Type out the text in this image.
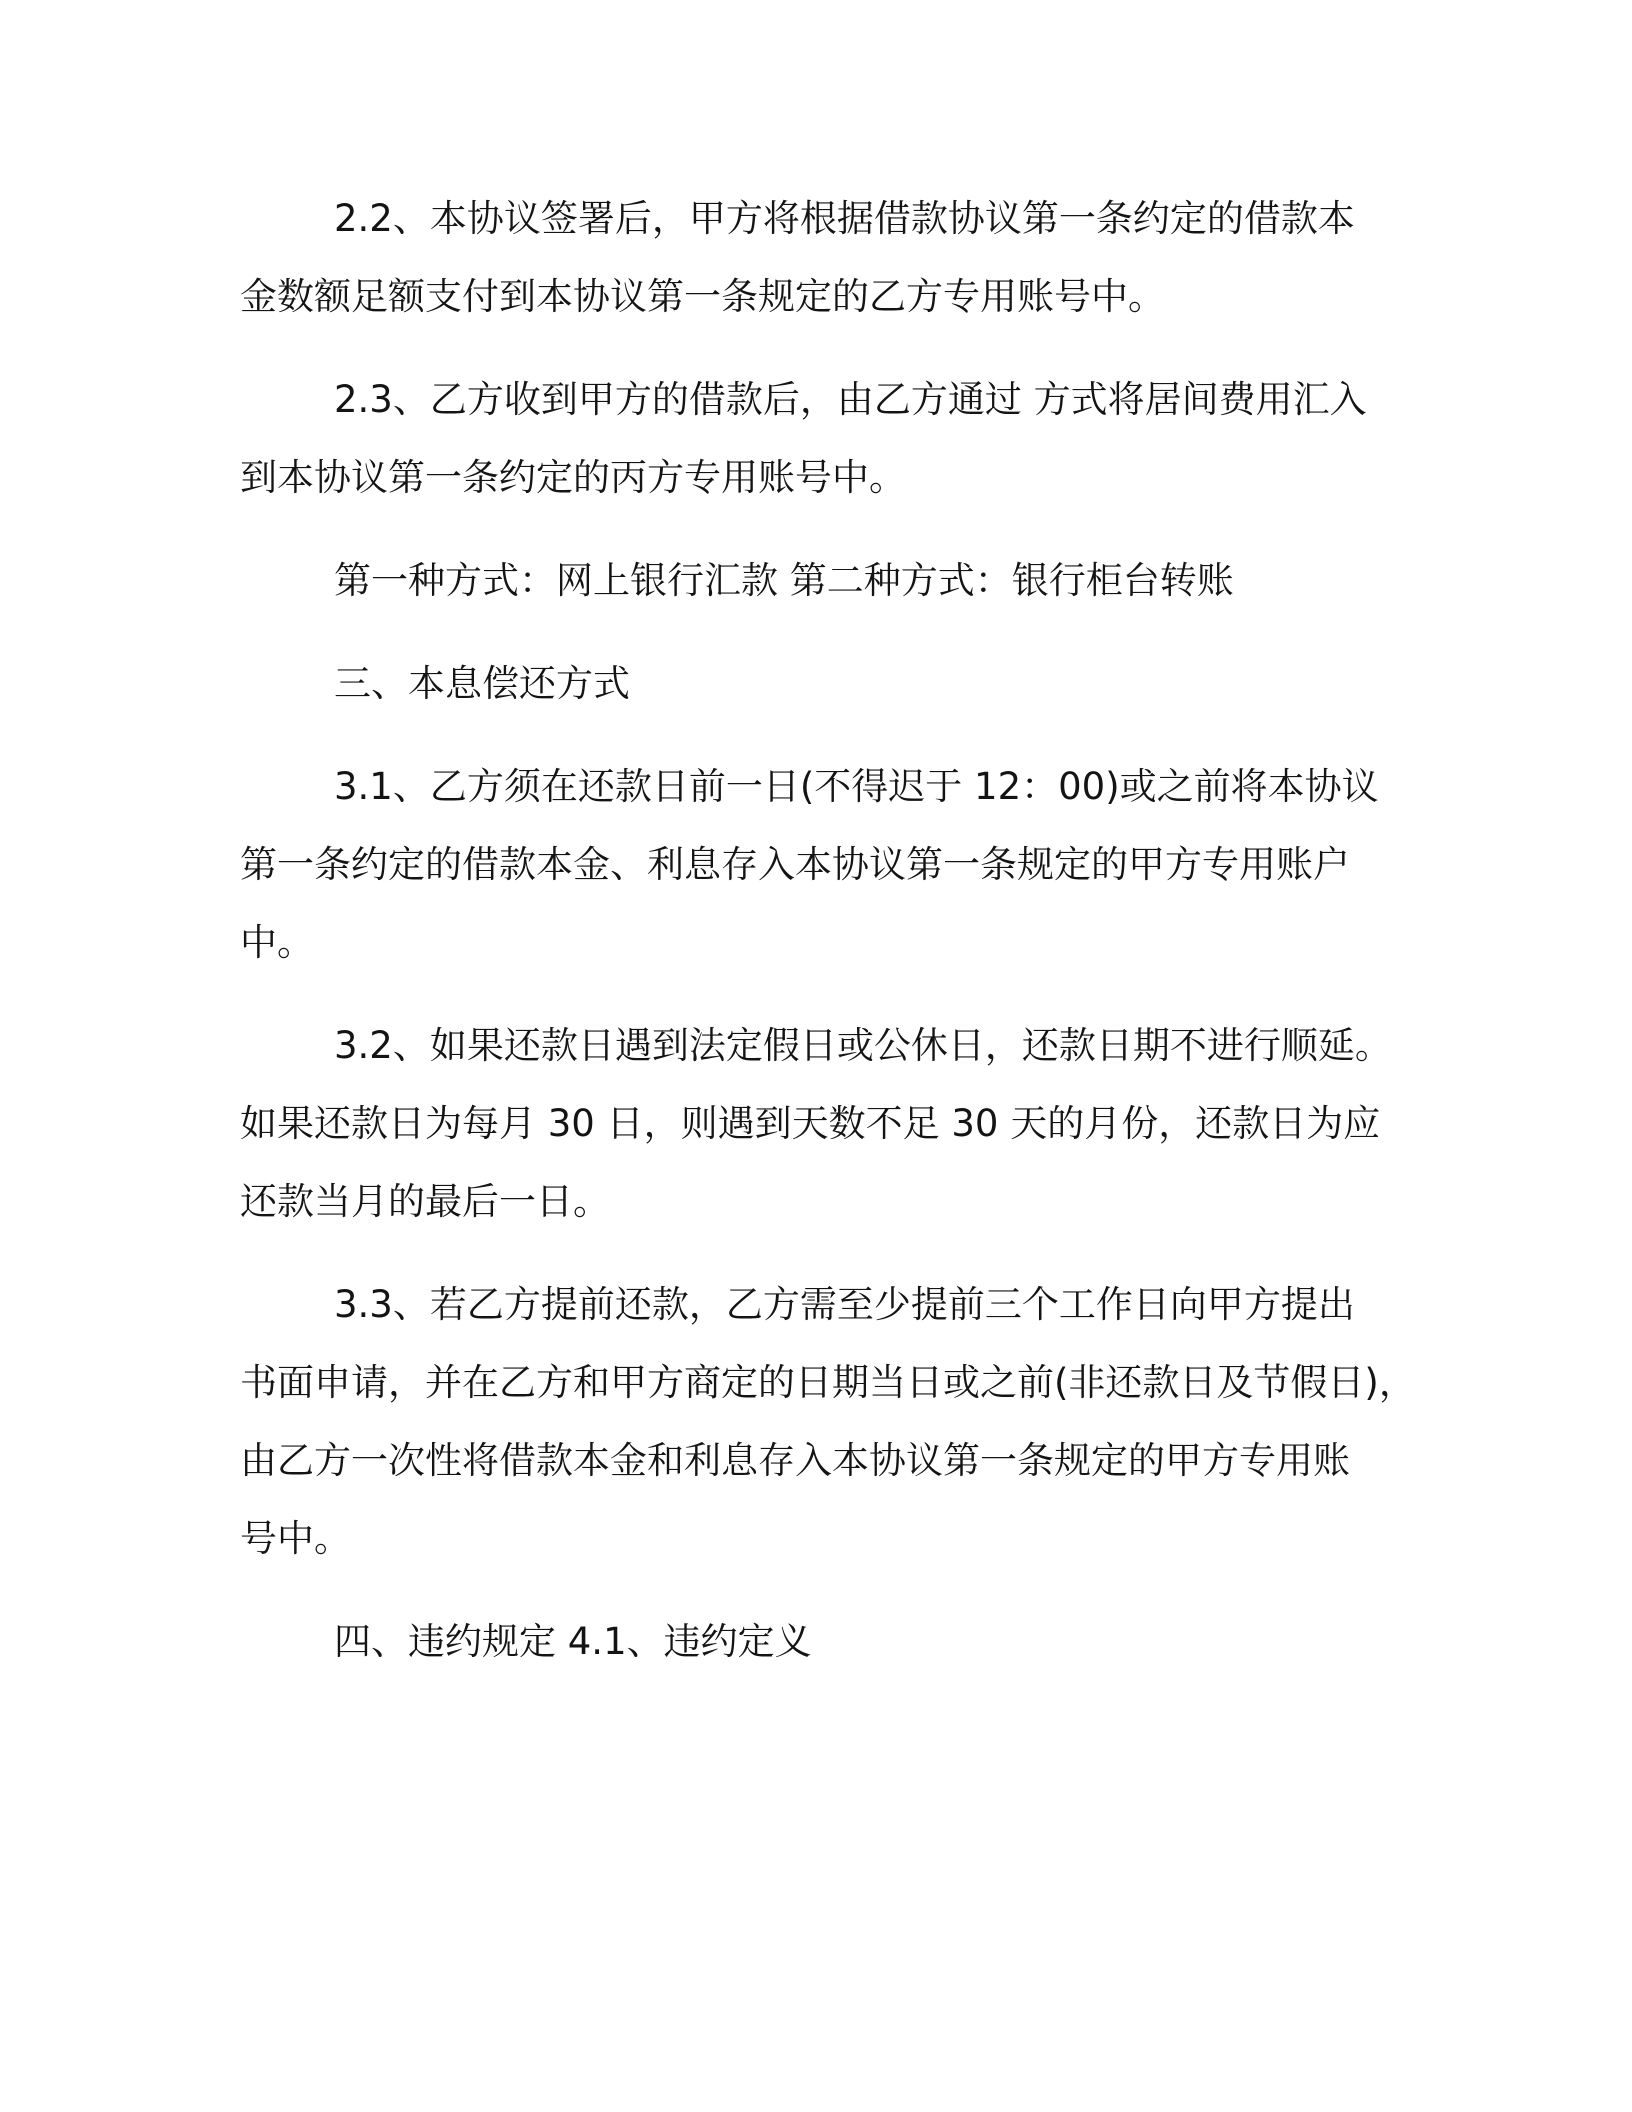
2.2、本协议签署后，甲方将根据借款协议第一条约定的借款本
金数额足额支付到本协议第一条规定的乙方专用账号中。

2.3、乙方收到甲方的借款后，由乙方通过 方式将居间费用汇入
到本协议第一条约定的丙方专用账号中。

第一种方式：网上银行汇款 第二种方式：银行柜台转账

三、本息偿还方式

3.1、乙方须在还款日前一日(不得迟于 12：00)或之前将本协议
第一条约定的借款本金、利息存入本协议第一条规定的甲方专用账户
中。

3.2、如果还款日遇到法定假日或公休日，还款日期不进行顺延。
如果还款日为每月 30 日，则遇到天数不足 30 天的月份，还款日为应
还款当月的最后一日。

3.3、若乙方提前还款，乙方需至少提前三个工作日向甲方提出
书面申请，并在乙方和甲方商定的日期当日或之前(非还款日及节假日)，
由乙方一次性将借款本金和利息存入本协议第一条规定的甲方专用账
号中。

四、违约规定 4.1、违约定义
